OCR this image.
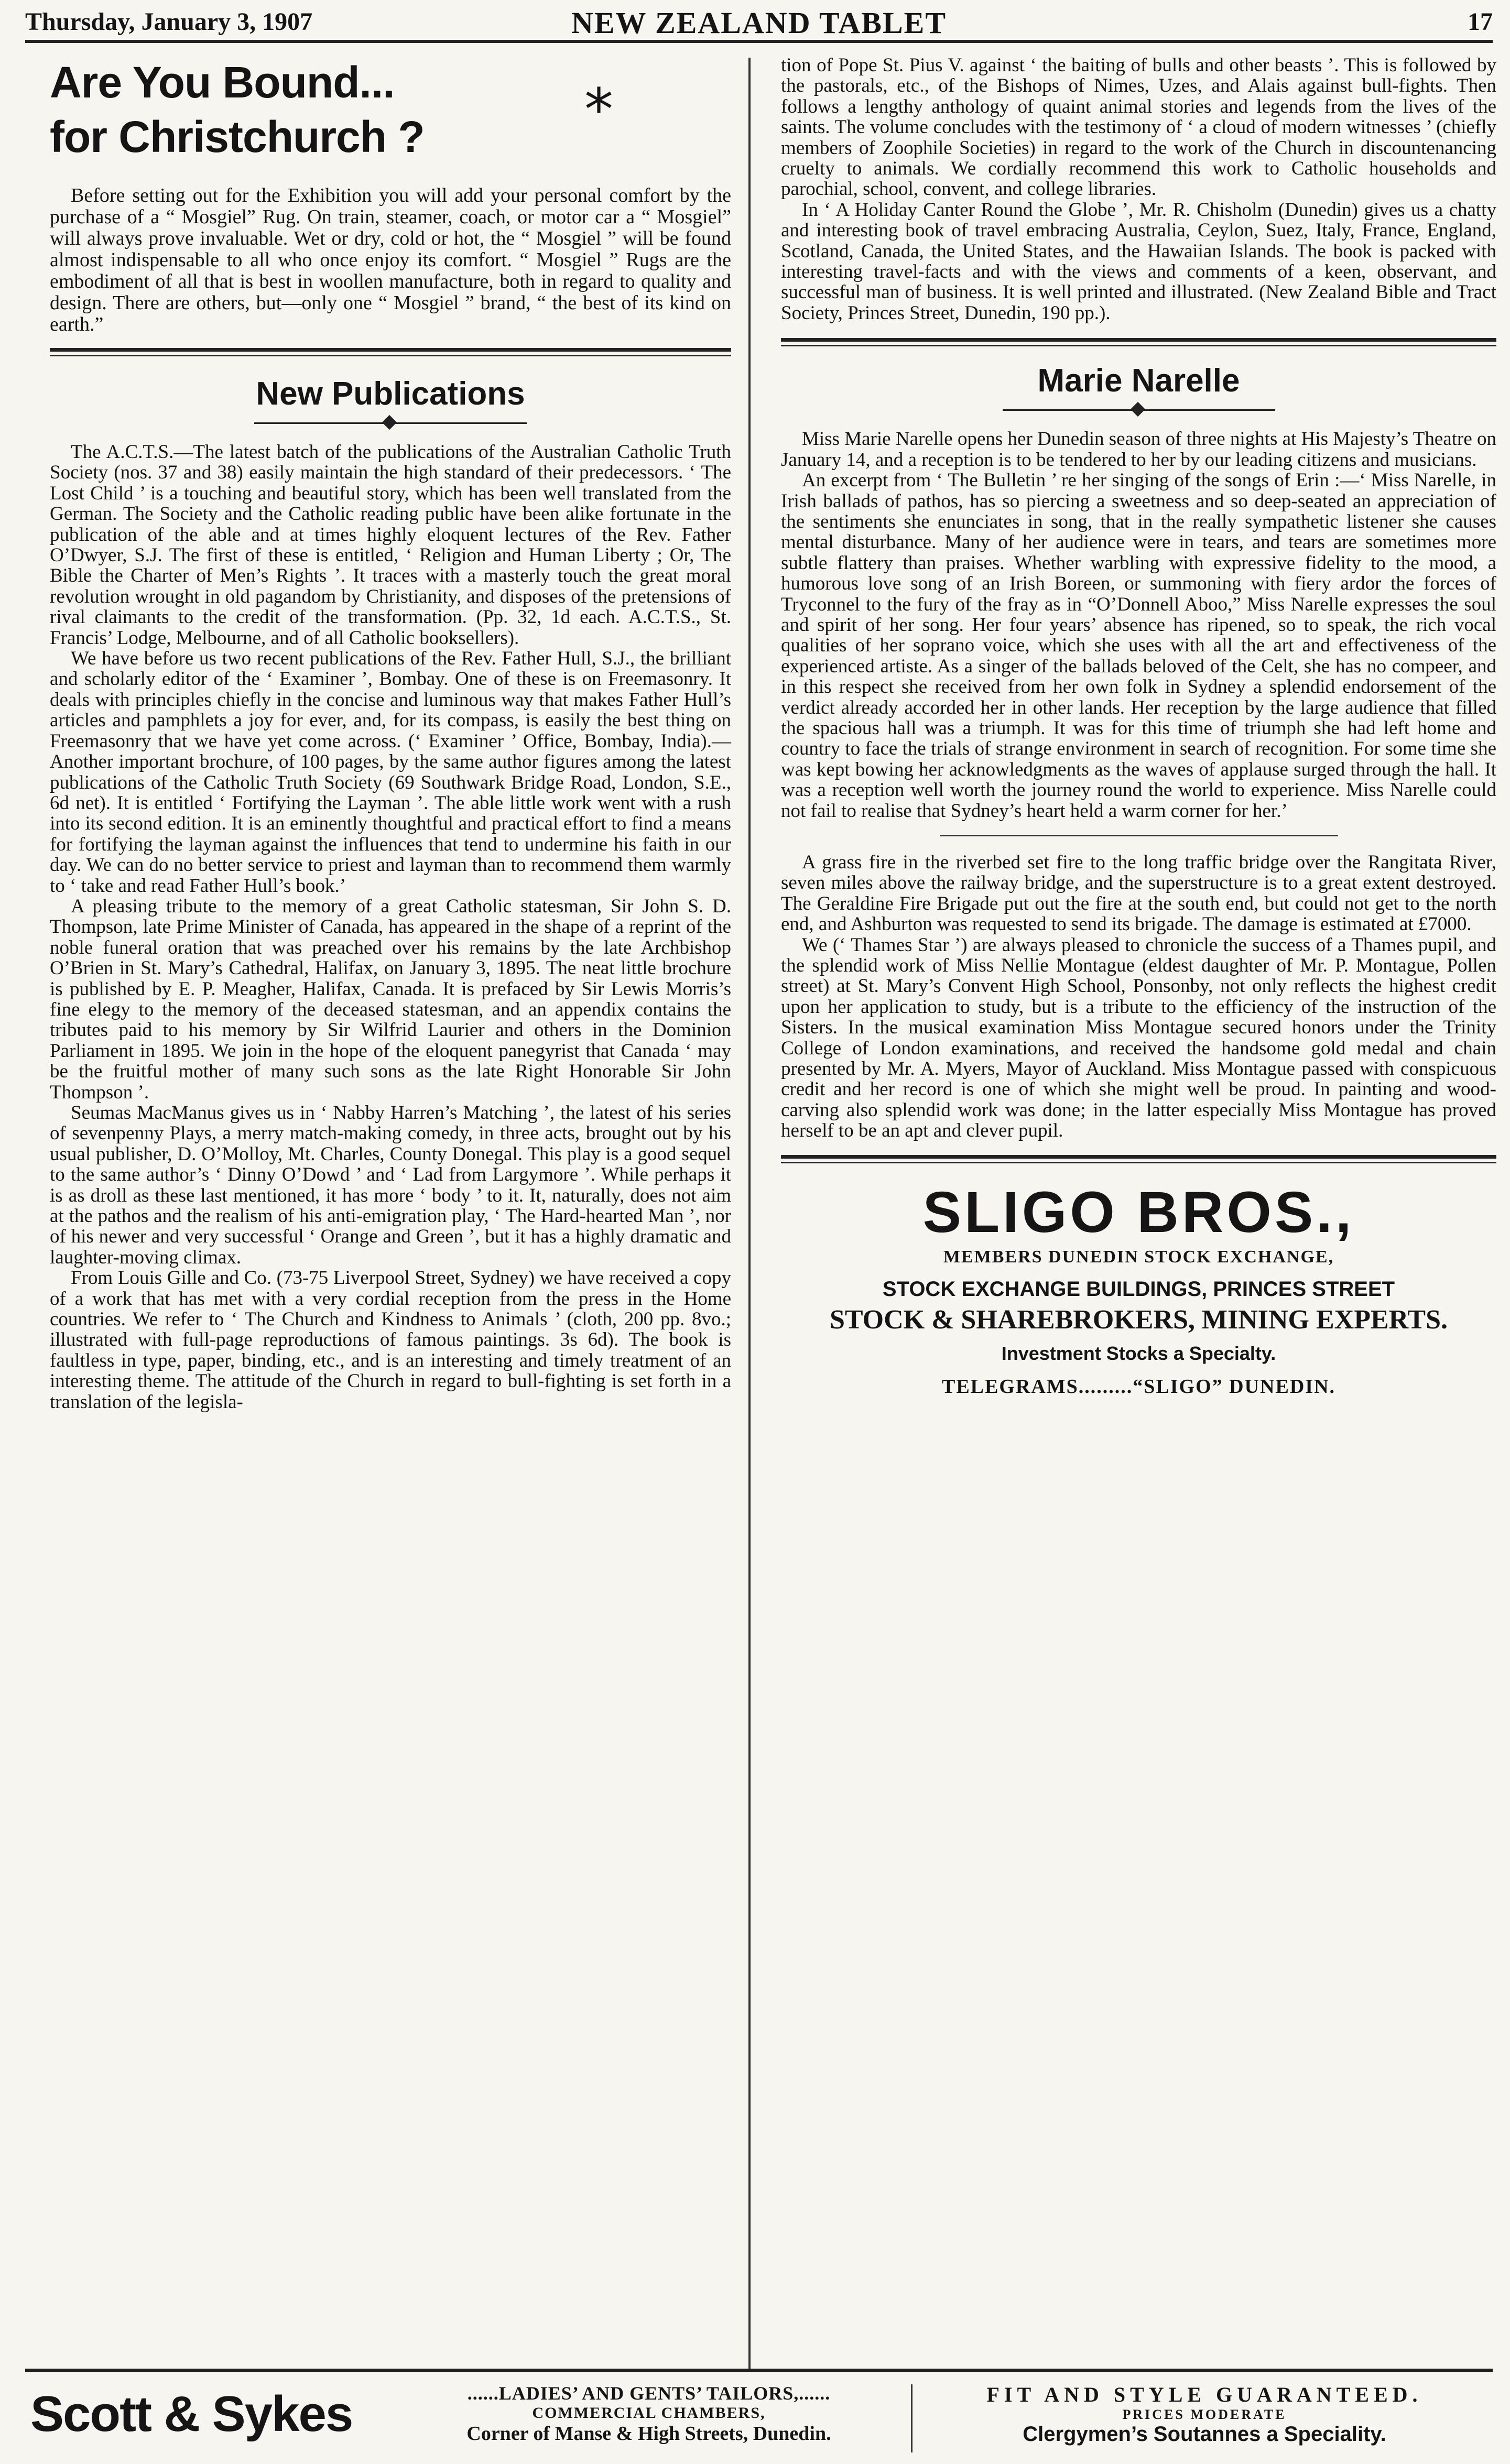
Thursday, January 3, 1907	NEW ZEALAND TABLET	17

Are You Bound...

for Christchurch ?	*

Before setting out for the Exhibition you will add your personal comfort by the purchase of a “ Mosgiel” Rug. On train, steamer, coach, or motor car a “ Mosgiel” will always prove invaluable. Wet or dry, cold or hot, the “ Mosgiel ” will be found almost indispensable to all who once enjoy its comfort. “ Mosgiel ” Rugs are the embodiment of all that is best in woollen manufacture, both in regard to quality and design. There are others, but—only one “ Mosgiel ” brand, “ the best of its kind on earth.”

New Publications

The A.C.T.S.—The latest batch of the publications of the Australian Catholic Truth Society (nos. 37 and 38) easily maintain the high standard of their predecessors. ‘ The Lost Child ’ is a touching and beautiful story, which has been well translated from the German. The Society and the Catholic reading public have been alike fortunate in the publication of the able and at times highly eloquent lectures of the Rev. Father O’Dwyer, S.J. The first of these is entitled, ‘ Religion and Human Liberty ; Or, The Bible the Charter of Men’s Rights ’. It traces with a masterly touch the great moral revolution wrought in old pagandom by Christianity, and disposes of the pretensions of rival claimants to the credit of the transformation. (Pp. 32, 1d each. A.C.T.S., St. Francis’ Lodge, Melbourne, and of all Catholic booksellers).

We have before us two recent publications of the Rev. Father Hull, S.J., the brilliant and scholarly editor of the ‘ Examiner ’, Bombay. One of these is on Freemasonry. It deals with principles chiefly in the concise and luminous way that makes Father Hull’s articles and pamphlets a joy for ever, and, for its compass, is easily the best thing on Freemasonry that we have yet come across. (‘ Examiner ’ Office, Bombay, India).—Another important brochure, of 100 pages, by the same author figures among the latest publications of the Catholic Truth Society (69 Southwark Bridge Road, London, S.E., 6d net). It is entitled ‘ Fortifying the Layman ’. The able little work went with a rush into its second edition. It is an eminently thoughtful and practical effort to find a means for fortifying the layman against the influences that tend to undermine his faith in our day. We can do no better service to priest and layman than to recommend them warmly to ‘ take and read Father Hull’s book.’

A pleasing tribute to the memory of a great Catholic statesman, Sir John S. D. Thompson, late Prime Minister of Canada, has appeared in the shape of a reprint of the noble funeral oration that was preached over his remains by the late Archbishop O’Brien in St. Mary’s Cathedral, Halifax, on January 3, 1895. The neat little brochure is published by E. P. Meagher, Halifax, Canada. It is prefaced by Sir Lewis Morris’s fine elegy to the memory of the deceased statesman, and an appendix contains the tributes paid to his memory by Sir Wilfrid Laurier and others in the Dominion Parliament in 1895. We join in the hope of the eloquent panegyrist that Canada ‘ may be the fruitful mother of many such sons as the late Right Honorable Sir John Thompson ’.

Seumas MacManus gives us in ‘ Nabby Harren’s Matching ’, the latest of his series of sevenpenny Plays, a merry match-making comedy, in three acts, brought out by his usual publisher, D. O’Molloy, Mt. Charles, County Donegal. This play is a good sequel to the same author’s ‘ Dinny O’Dowd ’ and ‘ Lad from Largymore ’. While perhaps it is as droll as these last mentioned, it has more ‘ body ’ to it. It, naturally, does not aim at the pathos and the realism of his anti-emigration play, ‘ The Hard-hearted Man ’, nor of his newer and very successful ‘ Orange and Green ’, but it has a highly dramatic and laughter-moving climax.

From Louis Gille and Co. (73-75 Liverpool Street, Sydney) we have received a copy of a work that has met with a very cordial reception from the press in the Home countries. We refer to ‘ The Church and Kindness to Animals ’ (cloth, 200 pp. 8vo.; illustrated with full-page reproductions of famous paintings. 3s 6d). The book is faultless in type, paper, binding, etc., and is an interesting and timely treatment of an interesting theme. The attitude of the Church in regard to bull-fighting is set forth in a translation of the legisla-

tion of Pope St. Pius V. against ‘ the baiting of bulls and other beasts ’. This is followed by the pastorals, etc., of the Bishops of Nimes, Uzes, and Alais against bull-fights. Then follows a lengthy anthology of quaint animal stories and legends from the lives of the saints. The volume concludes with the testimony of ‘ a cloud of modern witnesses ’ (chiefly members of Zoophile Societies) in regard to the work of the Church in discountenancing cruelty to animals. We cordially recommend this work to Catholic households and parochial, school, convent, and college libraries.

In ‘ A Holiday Canter Round the Globe ’, Mr. R. Chisholm (Dunedin) gives us a chatty and interesting book of travel embracing Australia, Ceylon, Suez, Italy, France, England, Scotland, Canada, the United States, and the Hawaiian Islands. The book is packed with interesting travel-facts and with the views and comments of a keen, observant, and successful man of business. It is well printed and illustrated. (New Zealand Bible and Tract Society, Princes Street, Dunedin, 190 pp.).

Marie Narelle

Miss Marie Narelle opens her Dunedin season of three nights at His Majesty’s Theatre on January 14, and a reception is to be tendered to her by our leading citizens and musicians.

An excerpt from ‘ The Bulletin ’ re her singing of the songs of Erin :—‘ Miss Narelle, in Irish ballads of pathos, has so piercing a sweetness and so deep-seated an appreciation of the sentiments she enunciates in song, that in the really sympathetic listener she causes mental disturbance. Many of her audience were in tears, and tears are sometimes more subtle flattery than praises. Whether warbling with expressive fidelity to the mood, a humorous love song of an Irish Boreen, or summoning with fiery ardor the forces of Tryconnel to the fury of the fray as in “O’Donnell Aboo,” Miss Narelle expresses the soul and spirit of her song. Her four years’ absence has ripened, so to speak, the rich vocal qualities of her soprano voice, which she uses with all the art and effectiveness of the experienced artiste. As a singer of the ballads beloved of the Celt, she has no compeer, and in this respect she received from her own folk in Sydney a splendid endorsement of the verdict already accorded her in other lands. Her reception by the large audience that filled the spacious hall was a triumph. It was for this time of triumph she had left home and country to face the trials of strange environment in search of recognition. For some time she was kept bowing her acknowledgments as the waves of applause surged through the hall. It was a reception well worth the journey round the world to experience. Miss Narelle could not fail to realise that Sydney’s heart held a warm corner for her.’

A grass fire in the riverbed set fire to the long traffic bridge over the Rangitata River, seven miles above the railway bridge, and the superstructure is to a great extent destroyed. The Geraldine Fire Brigade put out the fire at the south end, but could not get to the north end, and Ashburton was requested to send its brigade. The damage is estimated at £7000.

We (‘ Thames Star ’) are always pleased to chronicle the success of a Thames pupil, and the splendid work of Miss Nellie Montague (eldest daughter of Mr. P. Montague, Pollen street) at St. Mary’s Convent High School, Ponsonby, not only reflects the highest credit upon her application to study, but is a tribute to the efficiency of the instruction of the Sisters. In the musical examination Miss Montague secured honors under the Trinity College of London examinations, and received the handsome gold medal and chain presented by Mr. A. Myers, Mayor of Auckland. Miss Montague passed with conspicuous credit and her record is one of which she might well be proud. In painting and wood-carving also splendid work was done; in the latter especially Miss Montague has proved herself to be an apt and clever pupil.

SLIGO BROS.,
MEMBERS DUNEDIN STOCK EXCHANGE,
STOCK EXCHANGE BUILDINGS, PRINCES STREET
STOCK & SHAREBROKERS, MINING EXPERTS.
Investment Stocks a Specialty.
TELEGRAMS.........“SLIGO” DUNEDIN.
Scott & Sykes	......LADIES’ AND GENTS’ TAILORS,......
COMMERCIAL CHAMBERS,
Corner of Manse & High Streets, Dunedin.
FIT AND STYLE GUARANTEED.
PRICES MODERATE
Clergymen’s Soutannes a Speciality.
